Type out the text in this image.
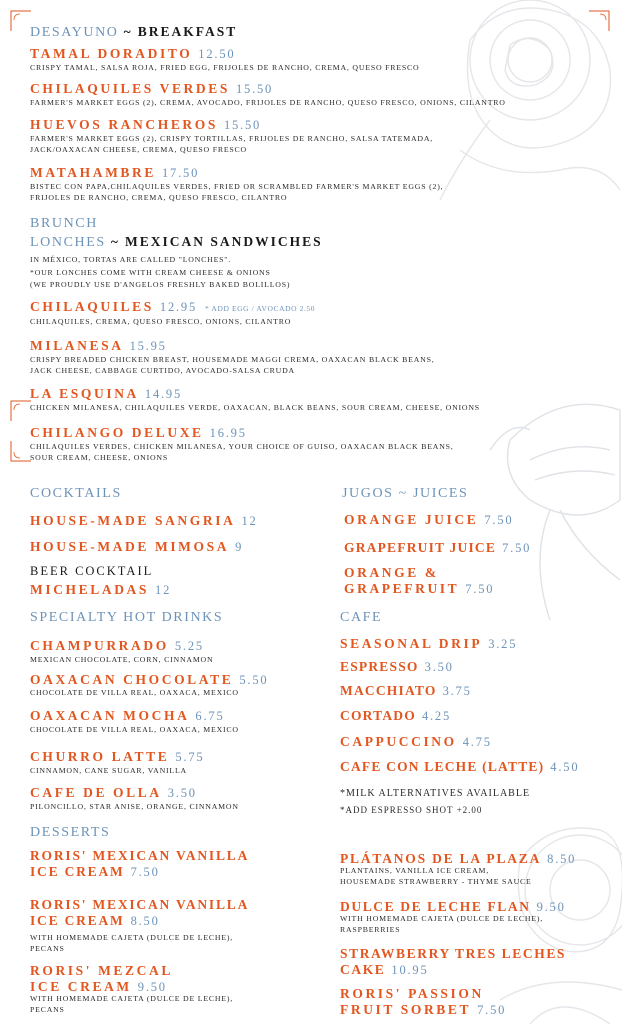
DESAYUNO ~ BREAKFAST
TAMAL DORADITO 12.50
CRISPY TAMAL, SALSA ROJA, FRIED EGG, FRIJOLES DE RANCHO, CREMA, QUESO FRESCO
CHILAQUILES VERDES 15.50
FARMER'S MARKET EGGS (2), CREMA, AVOCADO, FRIJOLES DE RANCHO, QUESO FRESCO, ONIONS, CILANTRO
HUEVOS RANCHEROS 15.50
FARMER'S MARKET EGGS (2), CRISPY TORTILLAS, FRIJOLES DE RANCHO, SALSA TATEMADA,
JACK/OAXACAN CHEESE, CREMA, QUESO FRESCO
MATAHAMBRE 17.50
BISTEC CON PAPA,CHILAQUILES VERDES, FRIED OR SCRAMBLED FARMER'S MARKET EGGS (2),
FRIJOLES DE RANCHO, CREMA, QUESO FRESCO, CILANTRO
BRUNCH
LONCHES ~ MEXICAN SANDWICHES
IN MÉXICO, TORTAS ARE CALLED "LONCHES".
*OUR LONCHES COME WITH CREAM CHEESE & ONIONS
(WE PROUDLY USE D'ANGELOS FRESHLY BAKED BOLILLOS)
CHILAQUILES 12.95 * ADD EGG / AVOCADO 2.50
CHILAQUILES, CREMA, QUESO FRESCO, ONIONS, CILANTRO
MILANESA 15.95
CRISPY BREADED CHICKEN BREAST, HOUSEMADE MAGGI CREMA, OAXACAN BLACK BEANS,
JACK CHEESE, CABBAGE CURTIDO, AVOCADO-SALSA CRUDA
LA ESQUINA 14.95
CHICKEN MILANESA, CHILAQUILES VERDE, OAXACAN, BLACK BEANS, SOUR CREAM, CHEESE, ONIONS
CHILANGO DELUXE 16.95
CHILAQUILES VERDES, CHICKEN MILANESA, YOUR CHOICE OF GUISO, OAXACAN BLACK BEANS,
SOUR CREAM, CHEESE, ONIONS
COCKTAILS
HOUSE-MADE SANGRIA 12
HOUSE-MADE MIMOSA 9
BEER COCKTAIL
MICHELADAS 12
JUGOS ~ JUICES
ORANGE JUICE 7.50
GRAPEFRUIT JUICE 7.50
ORANGE &
GRAPEFRUIT 7.50
SPECIALTY HOT DRINKS
CHAMPURRADO 5.25
MEXICAN CHOCOLATE, CORN, CINNAMON
OAXACAN CHOCOLATE 5.50
CHOCOLATE DE VILLA REAL, OAXACA, MEXICO
OAXACAN MOCHA 6.75
CHOCOLATE DE VILLA REAL, OAXACA, MEXICO
CHURRO LATTE 5.75
CINNAMON, CANE SUGAR, VANILLA
CAFE DE OLLA 3.50
PILONCILLO, STAR ANISE, ORANGE, CINNAMON
CAFE
SEASONAL DRIP 3.25
ESPRESSO 3.50
MACCHIATO 3.75
CORTADO 4.25
CAPPUCCINO 4.75
CAFE CON LECHE (LATTE) 4.50
*MILK ALTERNATIVES AVAILABLE
*ADD ESPRESSO SHOT +2.00
DESSERTS
RORIS' MEXICAN VANILLA
ICE CREAM 7.50
RORIS' MEXICAN VANILLA
ICE CREAM 8.50
WITH HOMEMADE CAJETA (DULCE DE LECHE),
PECANS
RORIS' MEZCAL
ICE CREAM 9.50
WITH HOMEMADE CAJETA (DULCE DE LECHE),
PECANS
PLÁTANOS DE LA PLAZA 8.50
PLANTAINS, VANILLA ICE CREAM,
HOUSEMADE STRAWBERRY - THYME SAUCE
DULCE DE LECHE FLAN 9.50
WITH HOMEMADE CAJETA (DULCE DE LECHE),
RASPBERRIES
STRAWBERRY TRES LECHES
CAKE 10.95
RORIS' PASSION
FRUIT SORBET 7.50
